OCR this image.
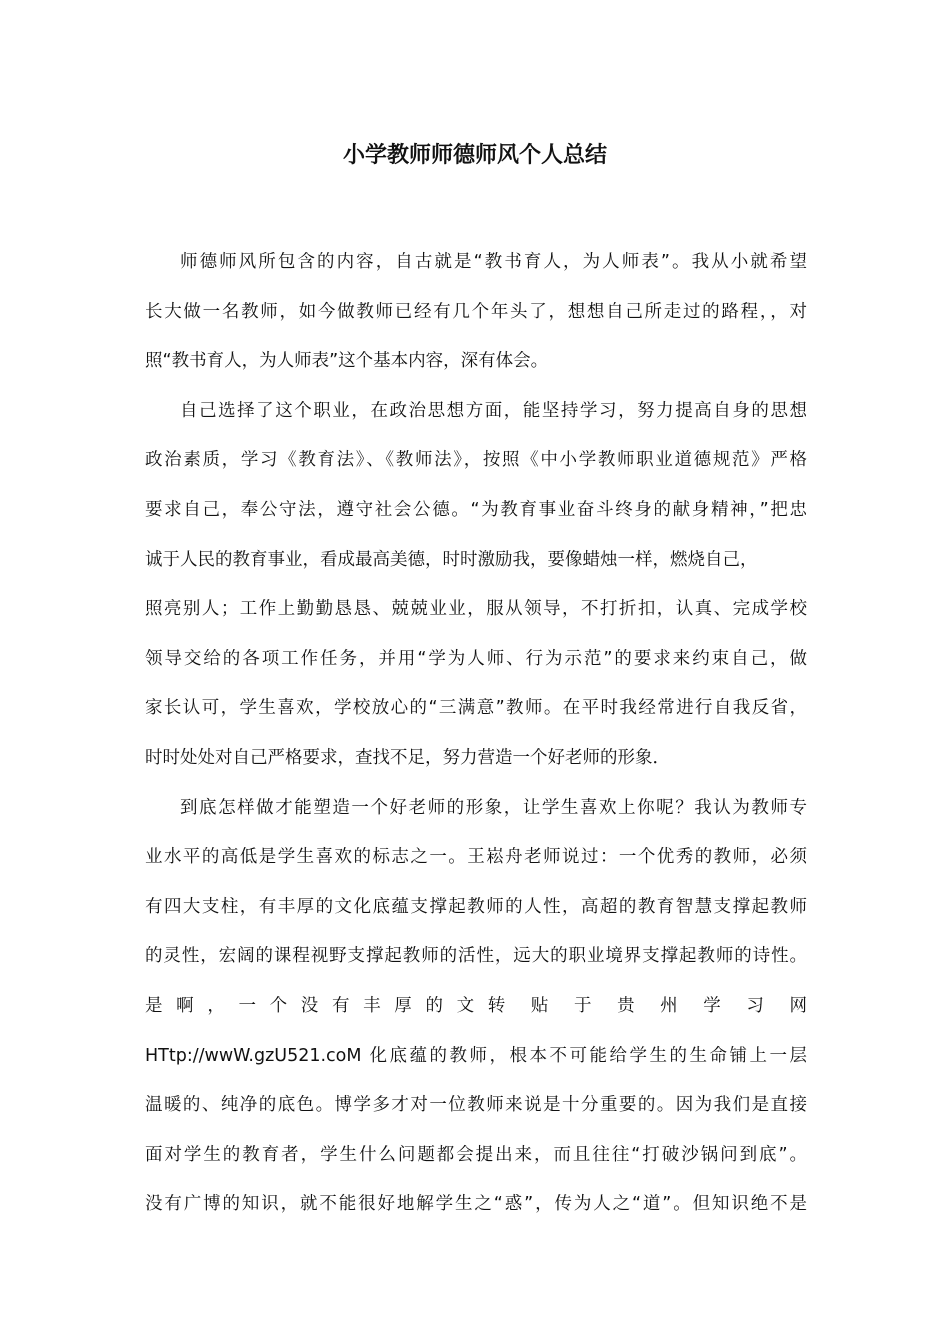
小学教师师德师风个人总结
师德师风所包含的内容，自古就是“教书育人，为人师表”。我从小就希望
长大做一名教师，如今做教师已经有几个年头了，想想自己所走过的路程，，对
照“教书育人，为人师表”这个基本内容，深有体会。
自己选择了这个职业，在政治思想方面，能坚持学习，努力提高自身的思想
政治素质，学习《教育法》、《教师法》，按照《中小学教师职业道德规范》严格
要求自己，奉公守法，遵守社会公德。“为教育事业奋斗终身的献身精神，”把忠
诚于人民的教育事业，看成最高美德，时时激励我，要像蜡烛一样，燃烧自己，
照亮别人；工作上勤勤恳恳、兢兢业业，服从领导，不打折扣，认真、完成学校
领导交给的各项工作任务，并用“学为人师、行为示范”的要求来约束自己，做
家长认可，学生喜欢，学校放心的“三满意”教师。在平时我经常进行自我反省，
时时处处对自己严格要求，查找不足，努力营造一个好老师的形象．
到底怎样做才能塑造一个好老师的形象，让学生喜欢上你呢？我认为教师专
业水平的高低是学生喜欢的标志之一。王崧舟老师说过：一个优秀的教师，必须
有四大支柱，有丰厚的文化底蕴支撑起教师的人性，高超的教育智慧支撑起教师
的灵性，宏阔的课程视野支撑起教师的活性，远大的职业境界支撑起教师的诗性。
是 啊 ， 一 个 没 有 丰 厚 的 文 转　贴　于　贵　州　学　习　网
HTtp://wwW.gzU521.coM 化底蕴的教师，根本不可能给学生的生命铺上一层
温暖的、纯净的底色。博学多才对一位教师来说是十分重要的。因为我们是直接
面对学生的教育者，学生什么问题都会提出来，而且往往“打破沙锅问到底”。
没有广博的知识，就不能很好地解学生之“惑”，传为人之“道”。但知识绝不是
